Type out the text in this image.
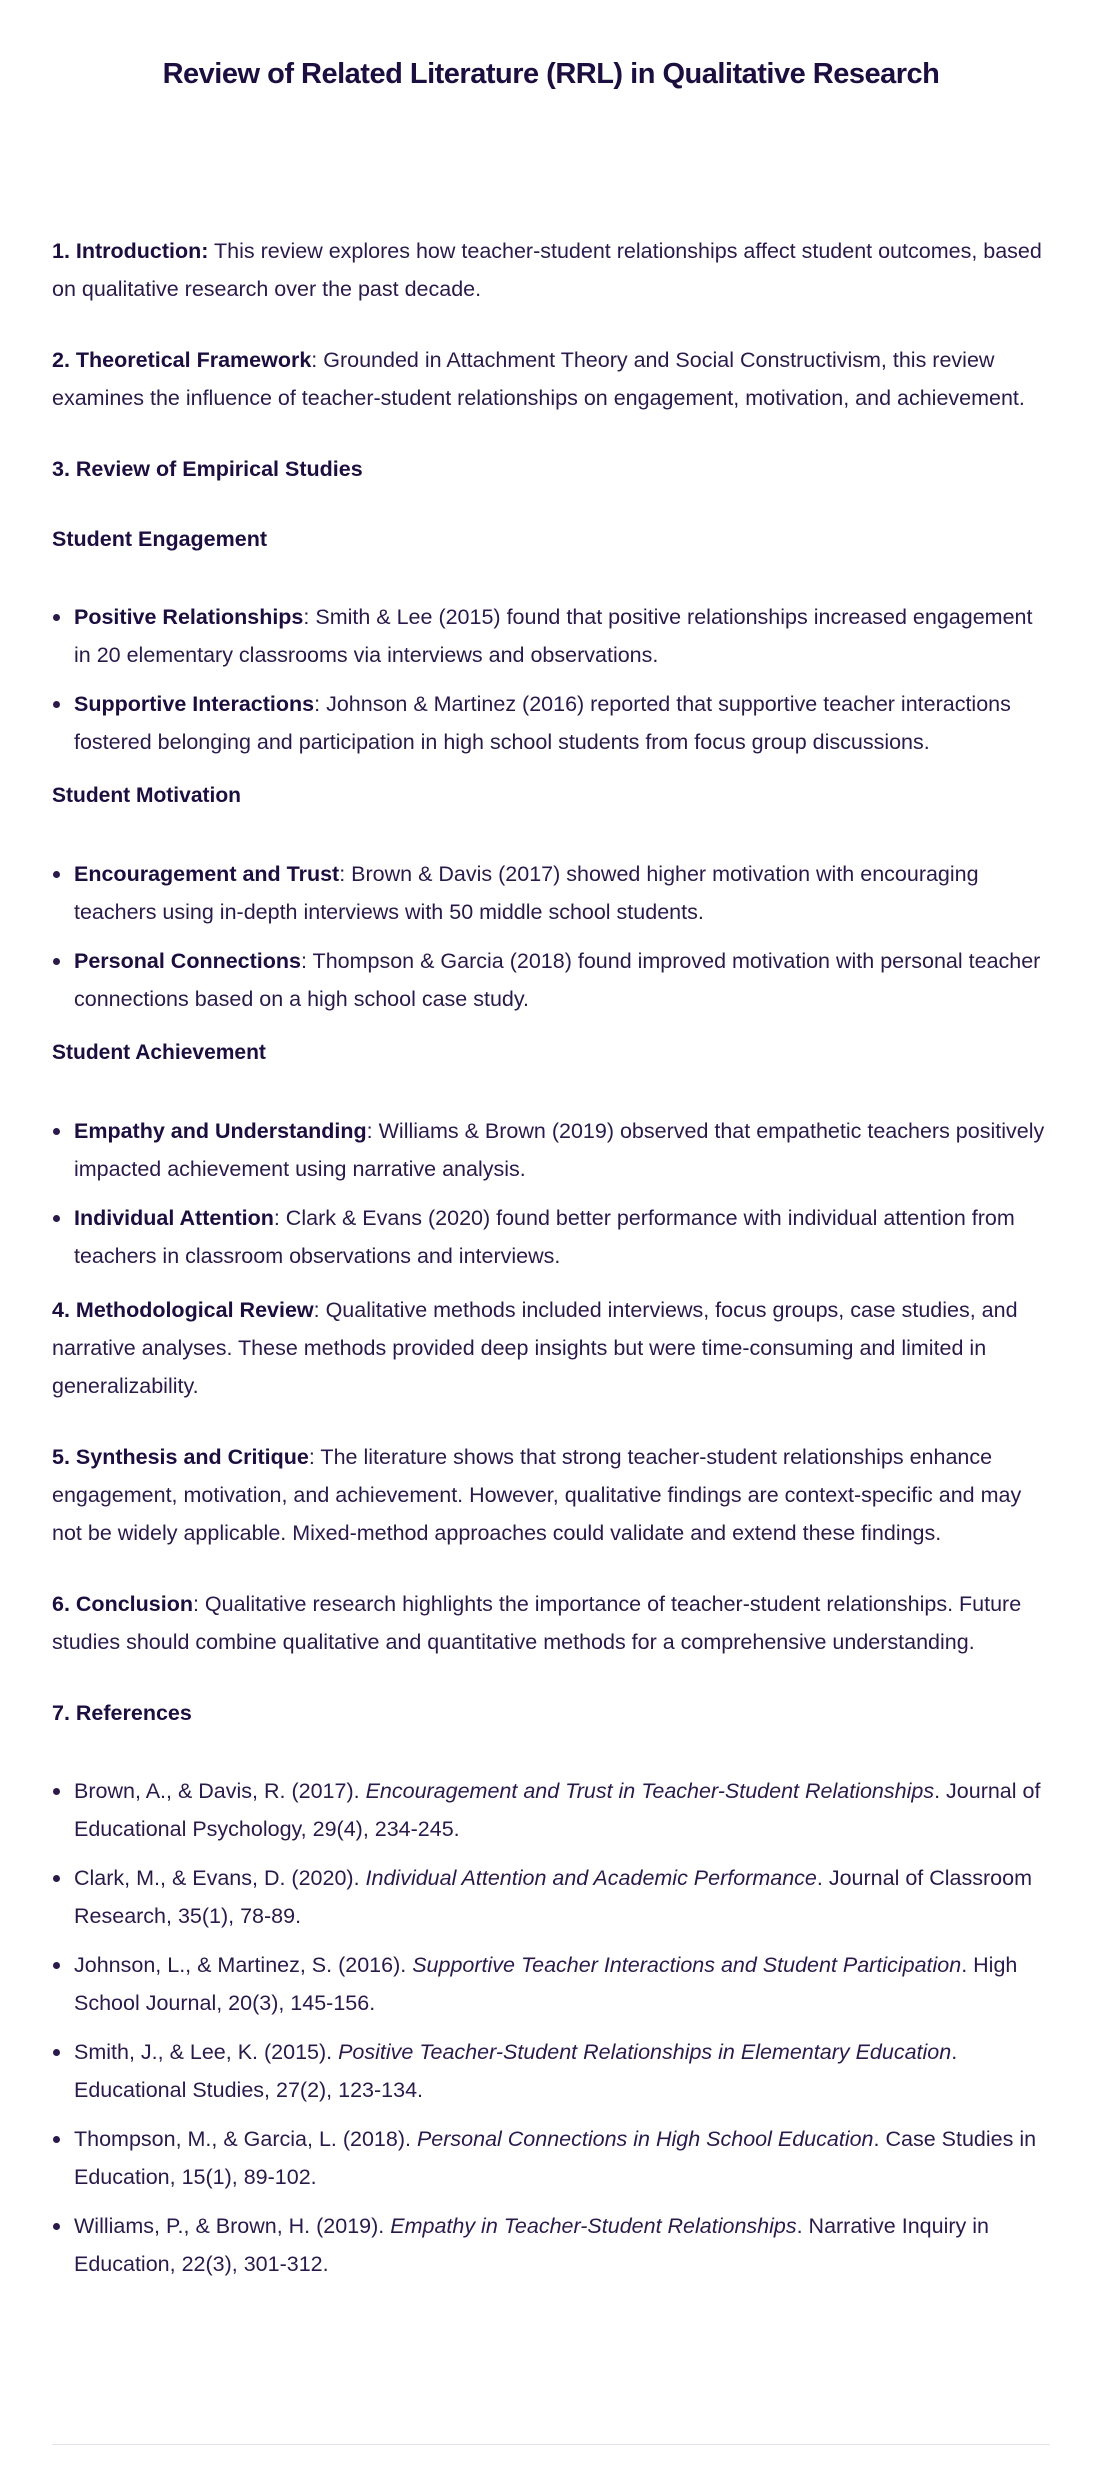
Review of Related Literature (RRL) in Qualitative Research

1. Introduction: This review explores how teacher-student relationships affect student outcomes, based on qualitative research over the past decade.

2. Theoretical Framework: Grounded in Attachment Theory and Social Constructivism, this review examines the influence of teacher-student relationships on engagement, motivation, and achievement.

3. Review of Empirical Studies

Student Engagement

Positive Relationships: Smith & Lee (2015) found that positive relationships increased engagement in 20 elementary classrooms via interviews and observations.
Supportive Interactions: Johnson & Martinez (2016) reported that supportive teacher interactions fostered belonging and participation in high school students from focus group discussions.

Student Motivation

Encouragement and Trust: Brown & Davis (2017) showed higher motivation with encouraging teachers using in-depth interviews with 50 middle school students.
Personal Connections: Thompson & Garcia (2018) found improved motivation with personal teacher connections based on a high school case study.

Student Achievement

Empathy and Understanding: Williams & Brown (2019) observed that empathetic teachers positively impacted achievement using narrative analysis.
Individual Attention: Clark & Evans (2020) found better performance with individual attention from teachers in classroom observations and interviews.

4. Methodological Review: Qualitative methods included interviews, focus groups, case studies, and narrative analyses. These methods provided deep insights but were time-consuming and limited in generalizability.

5. Synthesis and Critique: The literature shows that strong teacher-student relationships enhance engagement, motivation, and achievement. However, qualitative findings are context-specific and may not be widely applicable. Mixed-method approaches could validate and extend these findings.

6. Conclusion: Qualitative research highlights the importance of teacher-student relationships. Future studies should combine qualitative and quantitative methods for a comprehensive understanding.

7. References

Brown, A., & Davis, R. (2017). Encouragement and Trust in Teacher-Student Relationships. Journal of Educational Psychology, 29(4), 234-245.
Clark, M., & Evans, D. (2020). Individual Attention and Academic Performance. Journal of Classroom Research, 35(1), 78-89.
Johnson, L., & Martinez, S. (2016). Supportive Teacher Interactions and Student Participation. High School Journal, 20(3), 145-156.
Smith, J., & Lee, K. (2015). Positive Teacher-Student Relationships in Elementary Education. Educational Studies, 27(2), 123-134.
Thompson, M., & Garcia, L. (2018). Personal Connections in High School Education. Case Studies in Education, 15(1), 89-102.
Williams, P., & Brown, H. (2019). Empathy in Teacher-Student Relationships. Narrative Inquiry in Education, 22(3), 301-312.
